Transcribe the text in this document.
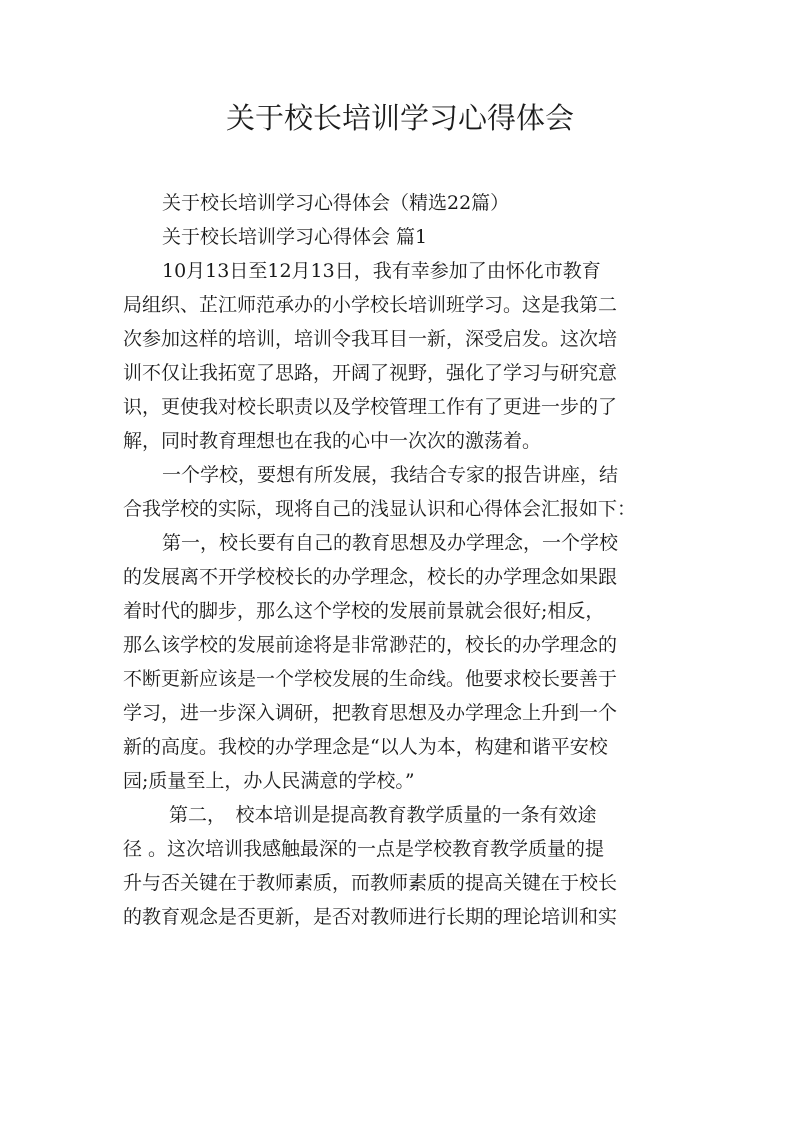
关于校长培训学习心得体会
关于校长培训学习心得体会（精选22篇）
关于校长培训学习心得体会 篇1
10月13日至12月13日，我有幸参加了由怀化市教育
局组织、芷江师范承办的小学校长培训班学习。这是我第二
次参加这样的培训，培训令我耳目一新，深受启发。这次培
训不仅让我拓宽了思路，开阔了视野，强化了学习与研究意
识，更使我对校长职责以及学校管理工作有了更进一步的了
解，同时教育理想也在我的心中一次次的激荡着。
一个学校，要想有所发展，我结合专家的报告讲座，结
合我学校的实际，现将自己的浅显认识和心得体会汇报如下：
第一，校长要有自己的教育思想及办学理念，一个学校
的发展离不开学校校长的办学理念，校长的办学理念如果跟
着时代的脚步，那么这个学校的发展前景就会很好;相反，
那么该学校的发展前途将是非常渺茫的，校长的办学理念的
不断更新应该是一个学校发展的生命线。他要求校长要善于
学习，进一步深入调研，把教育思想及办学理念上升到一个
新的高度。我校的办学理念是“以人为本，构建和谐平安校
园;质量至上，办人民满意的学校。”
第二，　校本培训是提高教育教学质量的一条有效途
径 。这次培训我感触最深的一点是学校教育教学质量的提
升与否关键在于教师素质，而教师素质的提高关键在于校长
的教育观念是否更新，是否对教师进行长期的理论培训和实
